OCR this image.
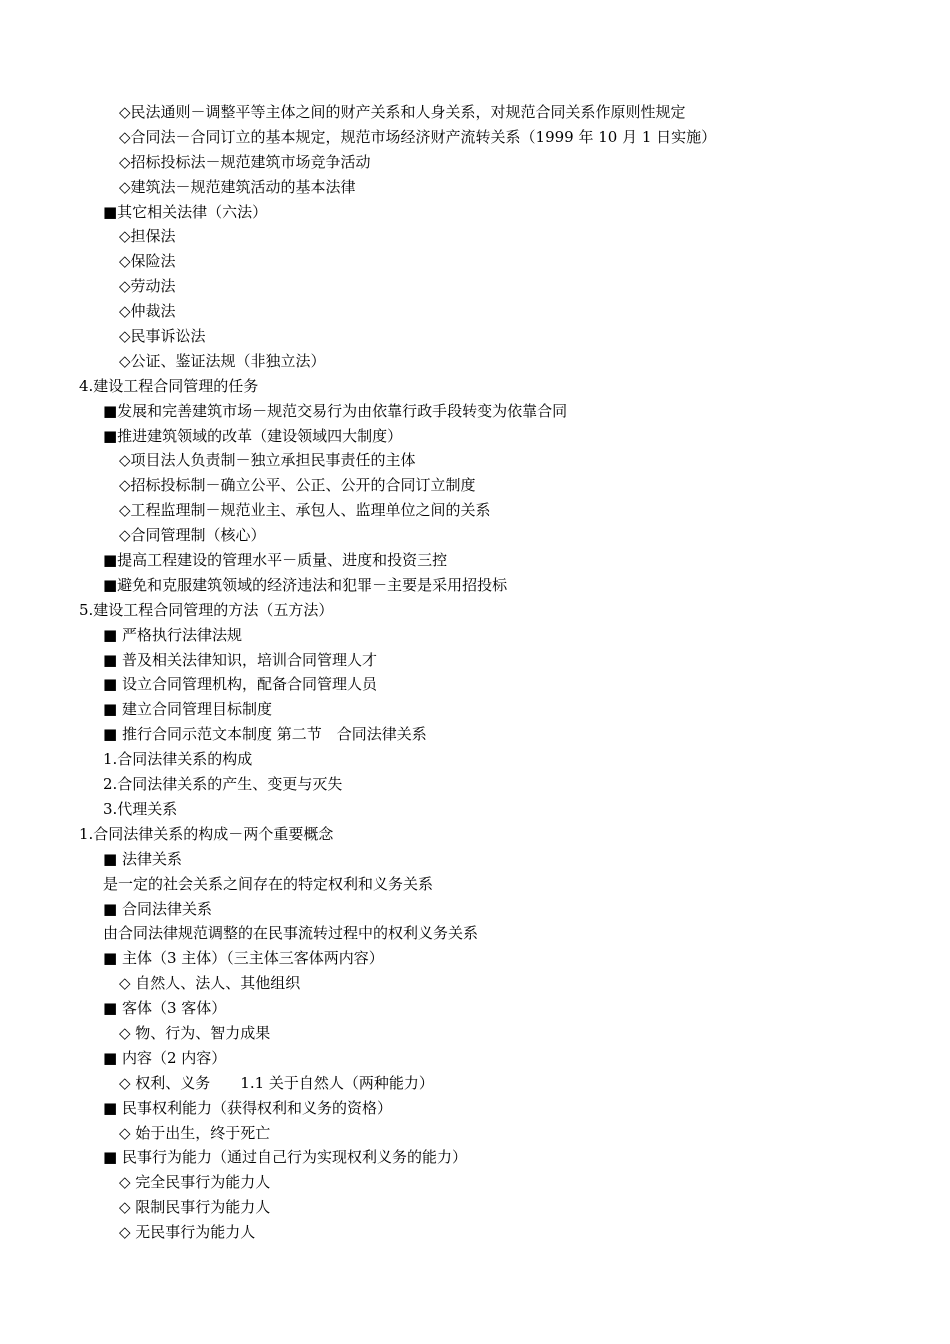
◇民法通则－调整平等主体之间的财产关系和人身关系，对规范合同关系作原则性规定
◇合同法－合同订立的基本规定，规范市场经济财产流转关系（1999 年 10 月 1 日实施）
◇招标投标法－规范建筑市场竞争活动
◇建筑法－规范建筑活动的基本法律
■其它相关法律（六法）
◇担保法
◇保险法
◇劳动法
◇仲裁法
◇民事诉讼法
◇公证、鉴证法规（非独立法）
4.建设工程合同管理的任务
■发展和完善建筑市场－规范交易行为由依靠行政手段转变为依靠合同
■推进建筑领域的改革（建设领域四大制度）
◇项目法人负责制－独立承担民事责任的主体
◇招标投标制－确立公平、公正、公开的合同订立制度
◇工程监理制－规范业主、承包人、监理单位之间的关系
◇合同管理制（核心）
■提高工程建设的管理水平－质量、进度和投资三控
■避免和克服建筑领域的经济违法和犯罪－主要是采用招投标
5.建设工程合同管理的方法（五方法）
■ 严格执行法律法规
■ 普及相关法律知识，培训合同管理人才
■ 设立合同管理机构，配备合同管理人员
■ 建立合同管理目标制度
■ 推行合同示范文本制度 第二节　合同法律关系
1.合同法律关系的构成
2.合同法律关系的产生、变更与灭失
3.代理关系
1.合同法律关系的构成－两个重要概念
■ 法律关系
是一定的社会关系之间存在的特定权利和义务关系
■ 合同法律关系
由合同法律规范调整的在民事流转过程中的权利义务关系
■ 主体（3 主体）（三主体三客体两内容）
◇ 自然人、法人、其他组织
■ 客体（3 客体）
◇ 物、行为、智力成果
■ 内容（2 内容）
◇ 权利、义务　　1.1 关于自然人（两种能力）
■ 民事权利能力（获得权利和义务的资格）
◇ 始于出生，终于死亡
■ 民事行为能力（通过自己行为实现权利义务的能力）
◇ 完全民事行为能力人
◇ 限制民事行为能力人
◇ 无民事行为能力人
